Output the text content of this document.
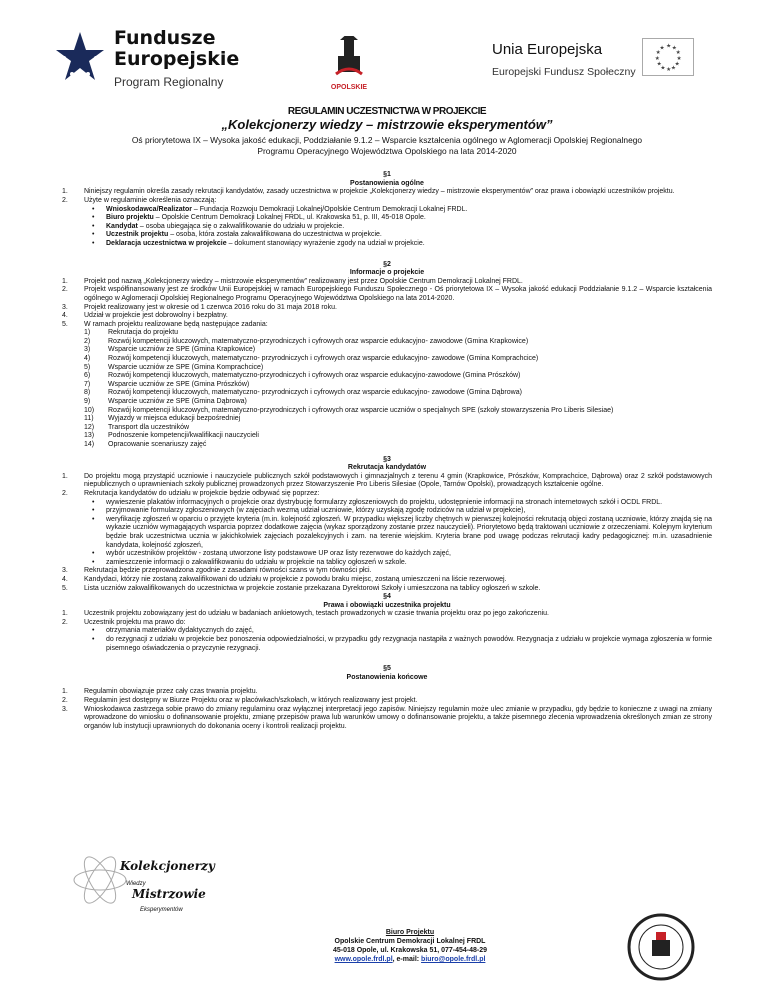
Fundusze
Europejskie
Program Regionalny	OPOLSKIE
Unia Europejska
Europejski Fundusz Społeczny
★ ★
★
★
★
★
★
★
★
★
★
★
REGULAMIN UCZESTNICTWA W PROJEKCIE
„Kolekcjonerzy wiedzy – mistrzowie eksperymentów”
Oś priorytetowa IX – Wysoka jakość edukacji, Poddziałanie 9.1.2 – Wsparcie kształcenia ogólnego w Aglomeracji Opolskiej Regionalnego Programu Operacyjnego Województwa Opolskiego na lata 2014-2020
§1
Postanowienia ogólne
1. Niniejszy regulamin określa zasady rekrutacji kandydatów, zasady uczestnictwa w projekcie „Kolekcjonerzy wiedzy – mistrzowie eksperymentów” oraz prawa i obowiązki uczestników projektu.
2. Użyte w regulaminie określenia oznaczają:
• Wnioskodawca/Realizator – Fundacja Rozwoju Demokracji Lokalnej/Opolskie Centrum Demokracji Lokalnej FRDL.
• Biuro projektu – Opolskie Centrum Demokracji Lokalnej FRDL, ul. Krakowska 51, p. III, 45-018 Opole.
• Kandydat – osoba ubiegająca się o zakwalifikowanie do udziału w projekcie.
• Uczestnik projektu – osoba, która została zakwalifikowana do uczestnictwa w projekcie.
• Deklaracja uczestnictwa w projekcie – dokument stanowiący wyrażenie zgody na udział w projekcie.
§2
Informacje o projekcie
1. Projekt pod nazwą „Kolekcjonerzy wiedzy – mistrzowie eksperymentów” realizowany jest przez Opolskie Centrum Demokracji Lokalnej FRDL.
2. Projekt współfinansowany jest ze środków Unii Europejskiej w ramach Europejskiego Funduszu Społecznego - Oś priorytetowa IX – Wysoka jakość edukacji Poddziałanie 9.1.2 – Wsparcie kształcenia ogólnego w Aglomeracji Opolskiej Regionalnego Programu Operacyjnego Województwa Opolskiego na lata 2014-2020.
3. Projekt realizowany jest w okresie od 1 czerwca 2016 roku do 31 maja 2018 roku.
4. Udział w projekcie jest dobrowolny i bezpłatny.
5. W ramach projektu realizowane będą następujące zadania:
1)	Rekrutacja do projektu
2)	Rozwój kompetencji kluczowych, matematyczno-przyrodniczych i cyfrowych oraz wsparcie edukacyjno- zawodowe (Gmina Krapkowice)
3)	Wsparcie uczniów ze SPE (Gmina Krapkowice)
4)	Rozwój kompetencji kluczowych, matematyczno- przyrodniczych i cyfrowych oraz wsparcie edukacyjno- zawodowe (Gmina Komprachcice)
5)	Wsparcie uczniów ze SPE (Gmina Komprachcice)
6)	Rozwój kompetencji kluczowych, matematyczno-przyrodniczych i cyfrowych oraz wsparcie edukacyjno-zawodowe (Gmina Prószków)
7)	Wsparcie uczniów ze SPE (Gmina Prószków)
8)	Rozwój kompetencji kluczowych, matematyczno- przyrodniczych i cyfrowych oraz wsparcie edukacyjno- zawodowe (Gmina Dąbrowa)
9)	Wsparcie uczniów ze SPE (Gmina Dąbrowa)
10) Rozwój kompetencji kluczowych, matematyczno-przyrodniczych i cyfrowych oraz wsparcie uczniów o specjalnych SPE (szkoły stowarzyszenia Pro Liberis Silesiae)
11) Wyjazdy w miejsca edukacji bezpośredniej
12) Transport dla uczestników
13) Podnoszenie kompetencji/kwalifikacji nauczycieli
14) Opracowanie scenariuszy zajęć
§3
Rekrutacja kandydatów
1. Do projektu mogą przystąpić uczniowie i nauczyciele publicznych szkół podstawowych i gimnazjalnych z terenu 4 gmin (Krapkowice, Prószków, Komprachcice, Dąbrowa) oraz 2 szkół podstawowych niepublicznych o uprawnieniach szkoły publicznej prowadzonych przez Stowarzyszenie Pro Liberis Silesiae (Opole, Tarnów Opolski), prowadzących kształcenie ogólne.
2. Rekrutacja kandydatów do udziału w projekcie będzie odbywać się poprzez:
• wywieszenie plakatów informacyjnych o projekcie oraz dystrybucję formularzy zgłoszeniowych do projektu, udostępnienie informacji na stronach internetowych szkół i OCDL FRDL.
• przyjmowanie formularzy zgłoszeniowych (w zajęciach wezmą udział uczniowie, którzy uzyskają zgodę rodziców na udział w projekcie),
• weryfikację zgłoszeń w oparciu o przyjęte kryteria (m.in. kolejność zgłoszeń. W przypadku większej liczby chętnych w pierwszej kolejności rekrutacją objęci zostaną uczniowie, którzy znajdą się na wykazie uczniów wymagających wsparcia poprzez dodatkowe zajęcia (wykaz sporządzony zostanie przez nauczycieli). Priorytetowo będą traktowani uczniowie z orzeczeniami. Kolejnym kryterium będzie brak uczestnictwa ucznia w jakichkolwiek zajęciach pozalekcyjnych i zam. na terenie wiejskim. Kryteria brane pod uwagę podczas rekrutacji kadry pedagogicznej: m.in. uzasadnienie kandydata, kolejność zgłoszeń,
• wybór uczestników projektów - zostaną utworzone listy podstawowe UP oraz listy rezerwowe do każdych zajęć,
• zamieszczenie informacji o zakwalifikowaniu do udziału w projekcie na tablicy ogłoszeń w szkole.
3. Rekrutacja będzie przeprowadzona zgodnie z zasadami równości szans w tym równości płci.
4. Kandydaci, którzy nie zostaną zakwalifikowani do udziału w projekcie z powodu braku miejsc, zostaną umieszczeni na liście rezerwowej.
5. Lista uczniów zakwalifikowanych do uczestnictwa w projekcie zostanie przekazana Dyrektorowi Szkoły i umieszczona na tablicy ogłoszeń w szkole.
§4
Prawa i obowiązki uczestnika projektu
1. Uczestnik projektu zobowiązany jest do udziału w badaniach ankietowych, testach prowadzonych w czasie trwania projektu oraz po jego zakończeniu.
2. Uczestnik projektu ma prawo do:
• otrzymania materiałów dydaktycznych do zajęć,
• do rezygnacji z udziału w projekcie bez ponoszenia odpowiedzialności, w przypadku gdy rezygnacja nastąpiła z ważnych powodów. Rezygnacja z udziału w projekcie wymaga zgłoszenia w formie pisemnego oświadczenia o przyczynie rezygnacji.
§5
Postanowienia końcowe
1. Regulamin obowiązuje przez cały czas trwania projektu.
2. Regulamin jest dostępny w Biurze Projektu oraz w placówkach/szkołach, w których realizowany jest projekt.
3. Wnioskodawca zastrzega sobie prawo do zmiany regulaminu oraz wyłącznej interpretacji jego zapisów. Niniejszy regulamin może ulec zmianie w przypadku, gdy będzie to konieczne z uwagi na zmiany wprowadzone do wniosku o dofinansowanie projektu, zmianę przepisów prawa lub warunków umowy o dofinansowanie projektu, a także pisemnego zlecenia wprowadzenia określonych zmian ze strony organów lub instytucji uprawnionych do dokonania oceny i kontroli realizacji projektu.
Kolekcjonerzy
Wiedzy
Mistrzowie
Eksperymentów
Biuro Projektu
Opolskie Centrum Demokracji Lokalnej FRDL
45-018 Opole, ul. Krakowska 51, 077-454-48-29
www.opole.frdl.pl, e-mail: biuro@opole.frdl.pl
